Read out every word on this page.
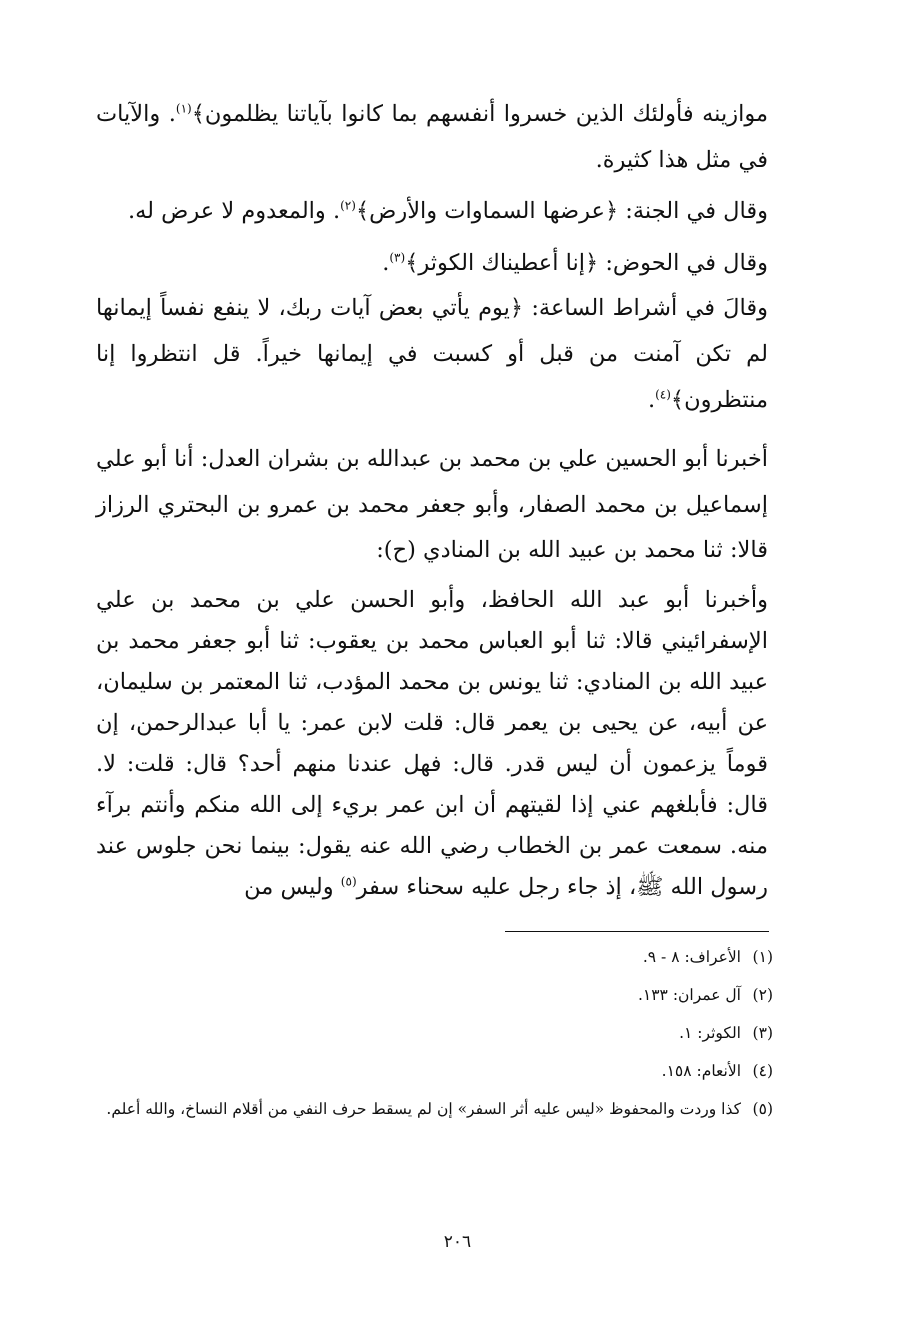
موازينه فأولئك الذين خسروا أنفسهم بما كانوا بآياتنا يظلمون﴾$^{(١)}$. والآيات في مثل هذا كثيرة.

وقال في الجنة: ﴿عرضها السماوات والأرض﴾$^{(٢)}$. والمعدوم لا عرض له.

وقال في الحوض: ﴿إنا أعطيناك الكوثر﴾$^{(٣)}$.

وقالَ في أشراط الساعة: ﴿يوم يأتي بعض آيات ربك، لا ينفع نفساً إيمانها لم تكن آمنت من قبل أو كسبت في إيمانها خيراً. قل انتظروا إنا منتظرون﴾$^{(٤)}$.

أخبرنا أبو الحسين علي بن محمد بن عبدالله بن بشران العدل: أنا أبو علي إسماعيل بن محمد الصفار، وأبو جعفر محمد بن عمرو بن البحتري الرزاز قالا: ثنا محمد بن عبيد الله بن المنادي (ح):

وأخبرنا أبو عبد الله الحافظ، وأبو الحسن علي بن محمد بن علي الإسفرائيني قالا: ثنا أبو العباس محمد بن يعقوب: ثنا أبو جعفر محمد بن عبيد الله بن المنادي: ثنا يونس بن محمد المؤدب، ثنا المعتمر بن سليمان، عن أبيه، عن يحيى بن يعمر قال: قلت لابن عمر: يا أبا عبدالرحمن، إن قوماً يزعمون أن ليس قدر. قال: فهل عندنا منهم أحد؟ قال: قلت: لا. قال: فأبلغهم عني إذا لقيتهم أن ابن عمر بريء إلى الله منكم وأنتم برآء منه. سمعت عمر بن الخطاب رضي الله عنه يقول: بينما نحن جلوس عند رسول الله ﷺ، إذ جاء رجل عليه سحناء سفر$^{(٥)}$ وليس من

(١)
الأعراف: ٨ - ٩.
(٢)
آل عمران: ١٣٣.
(٣)
الكوثر: ١.
(٤)
الأنعام: ١٥٨.
(٥)
كذا وردت والمحفوظ «ليس عليه أثر السفر» إن لم يسقط حرف النفي من أقلام النساخ، والله أعلم.
٢٠٦
